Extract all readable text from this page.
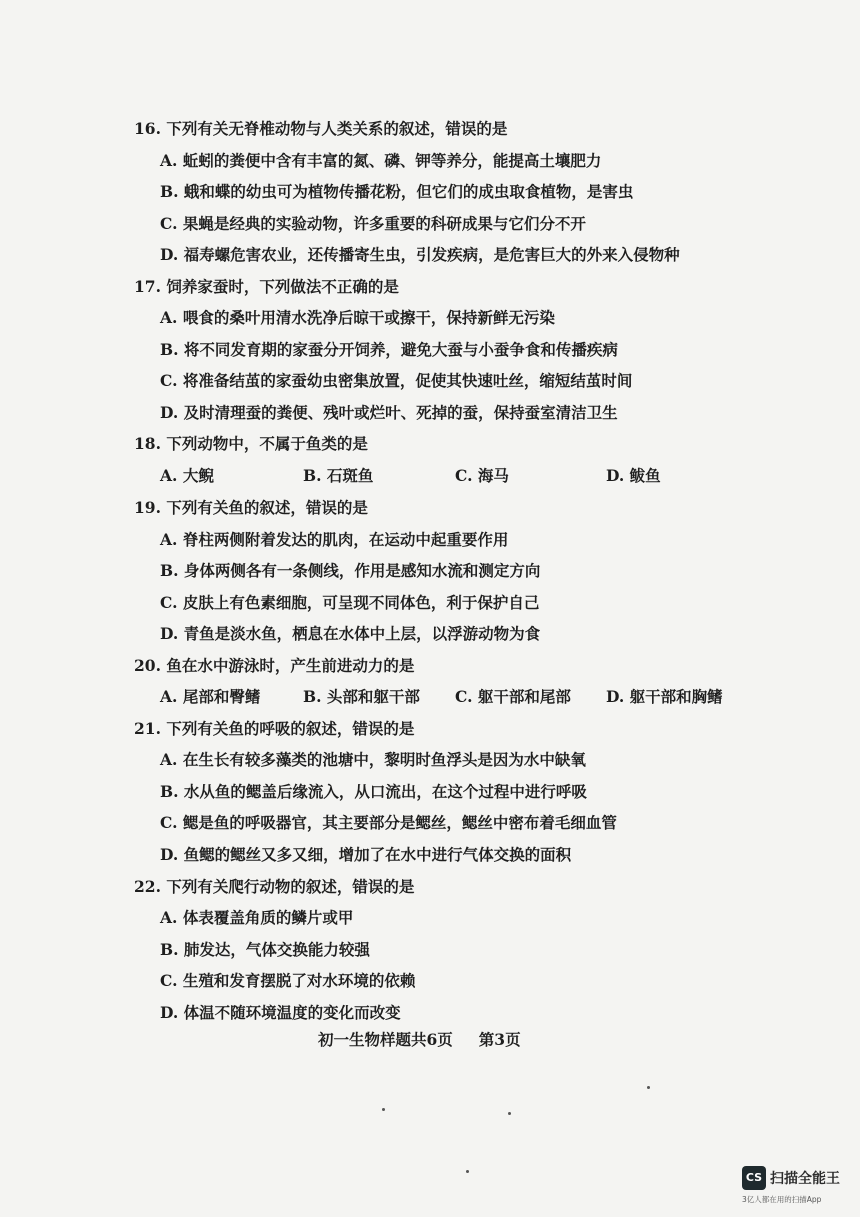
16. 下列有关无脊椎动物与人类关系的叙述，错误的是
A. 蚯蚓的粪便中含有丰富的氮、磷、钾等养分，能提高土壤肥力
B. 蛾和蝶的幼虫可为植物传播花粉，但它们的成虫取食植物，是害虫
C. 果蝇是经典的实验动物，许多重要的科研成果与它们分不开
D. 福寿螺危害农业，还传播寄生虫，引发疾病，是危害巨大的外来入侵物种
17. 饲养家蚕时，下列做法不正确的是
A. 喂食的桑叶用清水洗净后晾干或擦干，保持新鲜无污染
B. 将不同发育期的家蚕分开饲养，避免大蚕与小蚕争食和传播疾病
C. 将准备结茧的家蚕幼虫密集放置，促使其快速吐丝，缩短结茧时间
D. 及时清理蚕的粪便、残叶或烂叶、死掉的蚕，保持蚕室清洁卫生
18. 下列动物中，不属于鱼类的是
A. 大鲵	B. 石斑鱼	C. 海马	D. 鲅鱼
19. 下列有关鱼的叙述，错误的是
A. 脊柱两侧附着发达的肌肉，在运动中起重要作用
B. 身体两侧各有一条侧线，作用是感知水流和测定方向
C. 皮肤上有色素细胞，可呈现不同体色，利于保护自己
D. 青鱼是淡水鱼，栖息在水体中上层，以浮游动物为食
20. 鱼在水中游泳时，产生前进动力的是
A. 尾部和臀鳍	B. 头部和躯干部 C. 躯干部和尾部 D. 躯干部和胸鳍
21. 下列有关鱼的呼吸的叙述，错误的是
A. 在生长有较多藻类的池塘中，黎明时鱼浮头是因为水中缺氧
B. 水从鱼的鳃盖后缘流入，从口流出，在这个过程中进行呼吸
C. 鳃是鱼的呼吸器官，其主要部分是鳃丝，鳃丝中密布着毛细血管
D. 鱼鳃的鳃丝又多又细，增加了在水中进行气体交换的面积
22. 下列有关爬行动物的叙述，错误的是
A. 体表覆盖角质的鳞片或甲
B. 肺发达，气体交换能力较强
C. 生殖和发育摆脱了对水环境的依赖
D. 体温不随环境温度的变化而改变
初一生物样题共6页 第3页
CS 扫描全能王
3亿人都在用的扫描App
